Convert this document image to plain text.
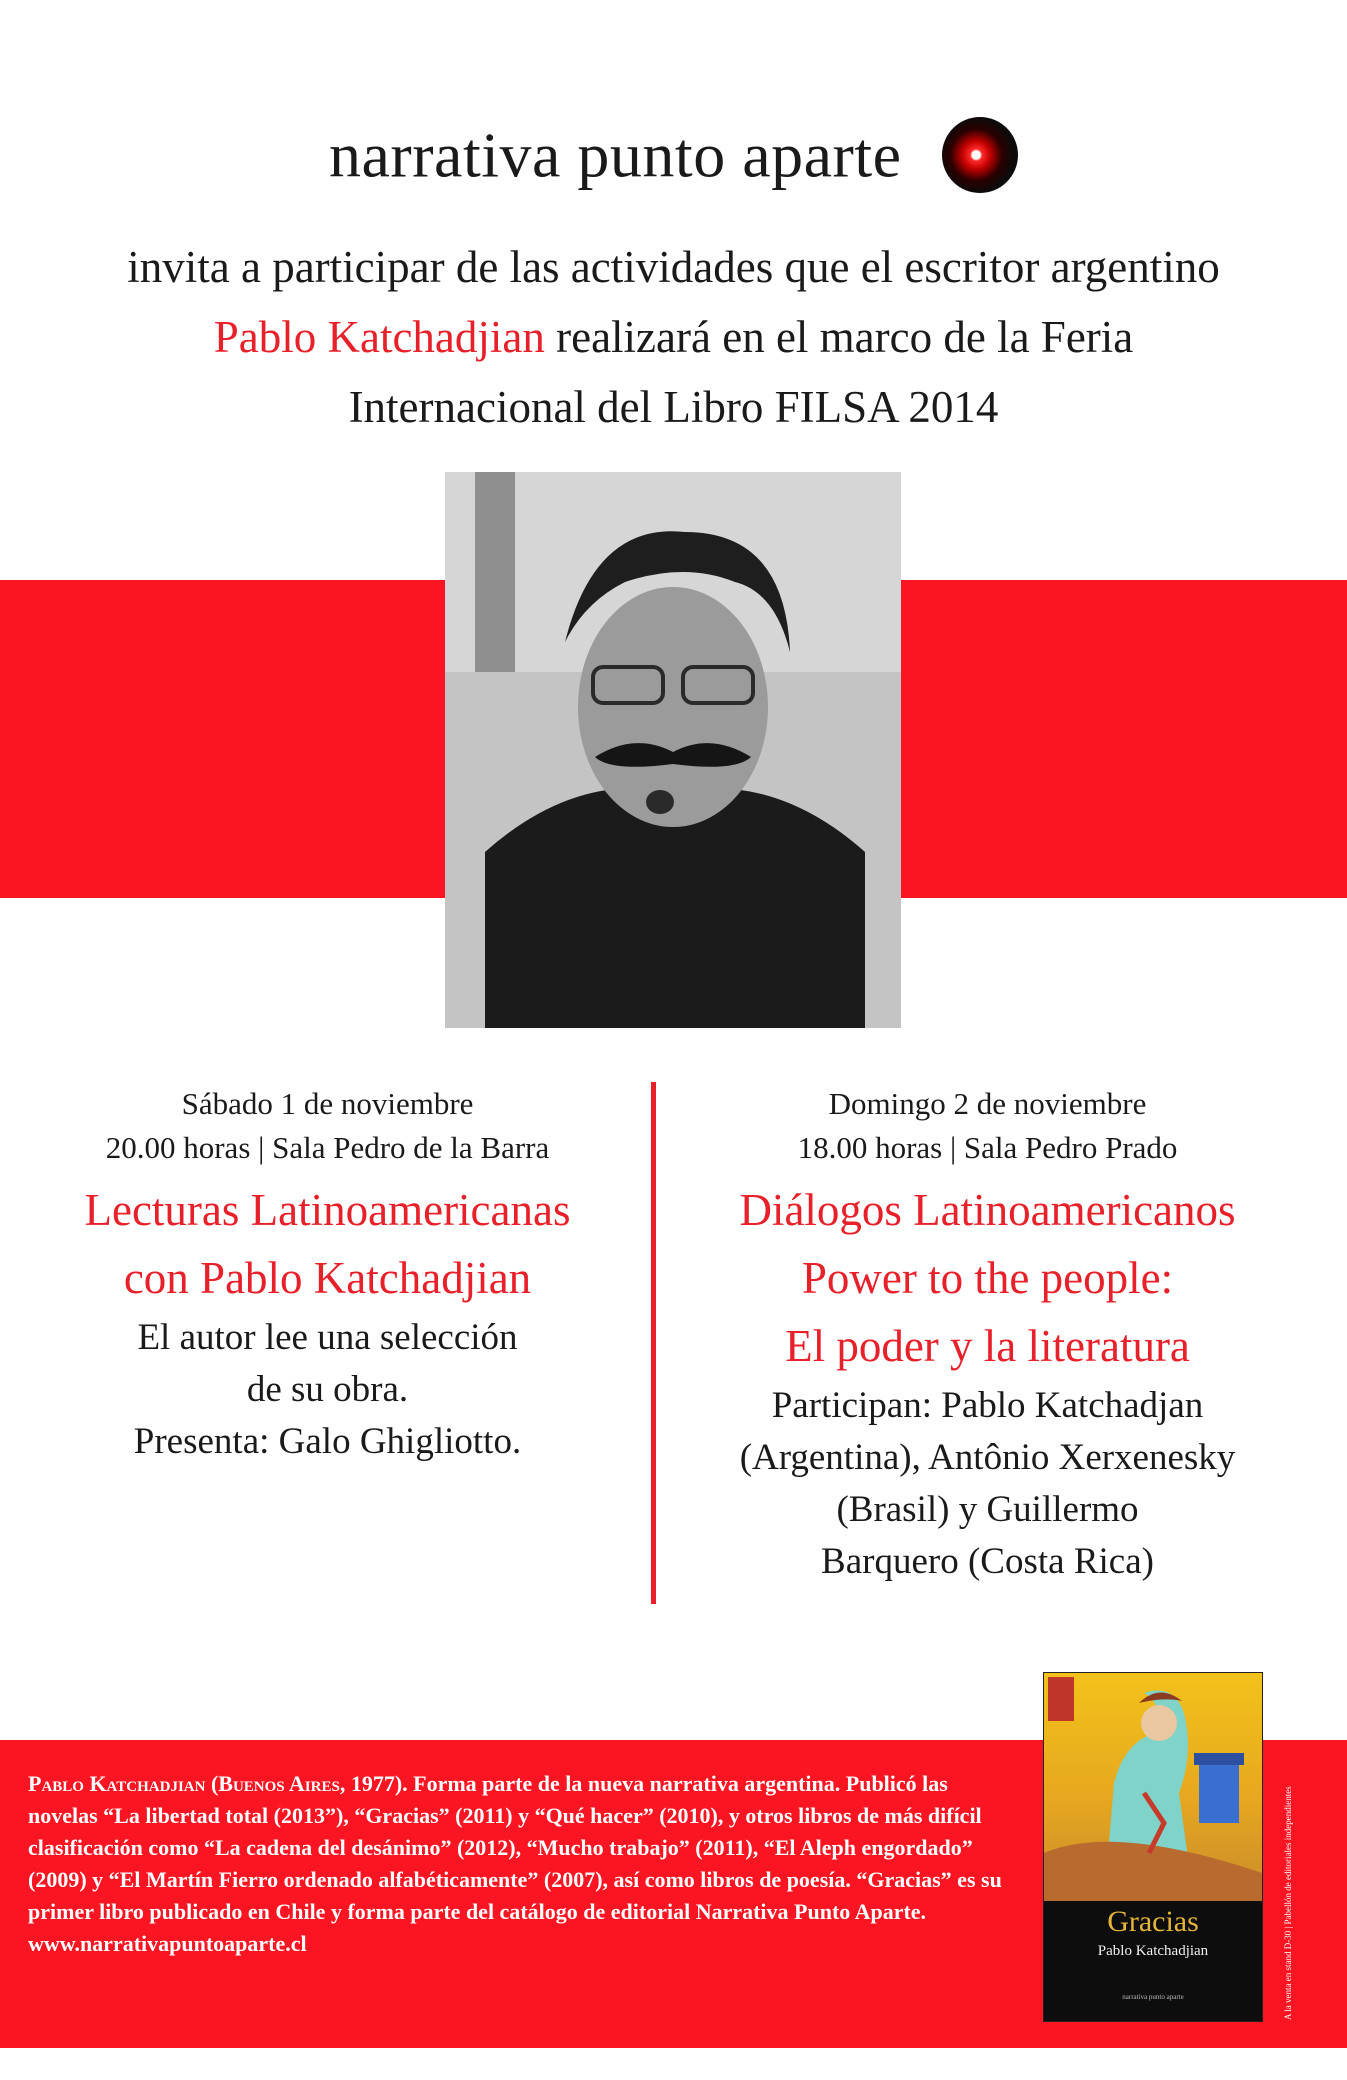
narrativa punto aparte
invita a participar de las actividades que el escritor argentino Pablo Katchadjian realizará en el marco de la Feria Internacional del Libro FILSA 2014
Sábado 1 de noviembre
20.00 horas | Sala Pedro de la Barra
Lecturas Latinoamericanas
con Pablo Katchadjian
El autor lee una selección
de su obra.
Presenta: Galo Ghigliotto.
Domingo 2 de noviembre
18.00 horas | Sala Pedro Prado
Diálogos Latinoamericanos
Power to the people:
El poder y la literatura
Participan: Pablo Katchadjan
(Argentina), Antônio Xerxenesky
(Brasil) y Guillermo
Barquero (Costa Rica)
Pablo Katchadjian (Buenos Aires, 1977). Forma parte de la nueva narrativa argentina. Publicó las novelas “La libertad total (2013”), “Gracias” (2011) y “Qué hacer” (2010), y otros libros de más difícil clasificación como “La cadena del desánimo” (2012), “Mucho trabajo” (2011), “El Aleph engordado” (2009) y “El Martín Fierro ordenado alfabéticamente” (2007), así como libros de poesía. “Gracias” es su primer libro publicado en Chile y forma parte del catálogo de editorial Narrativa Punto Aparte.
www.narrativapuntoaparte.cl
Gracias
Pablo Katchadjian
narrativa punto aparte	A la venta en stand D-30 | Pabellón de editoriales independientes
